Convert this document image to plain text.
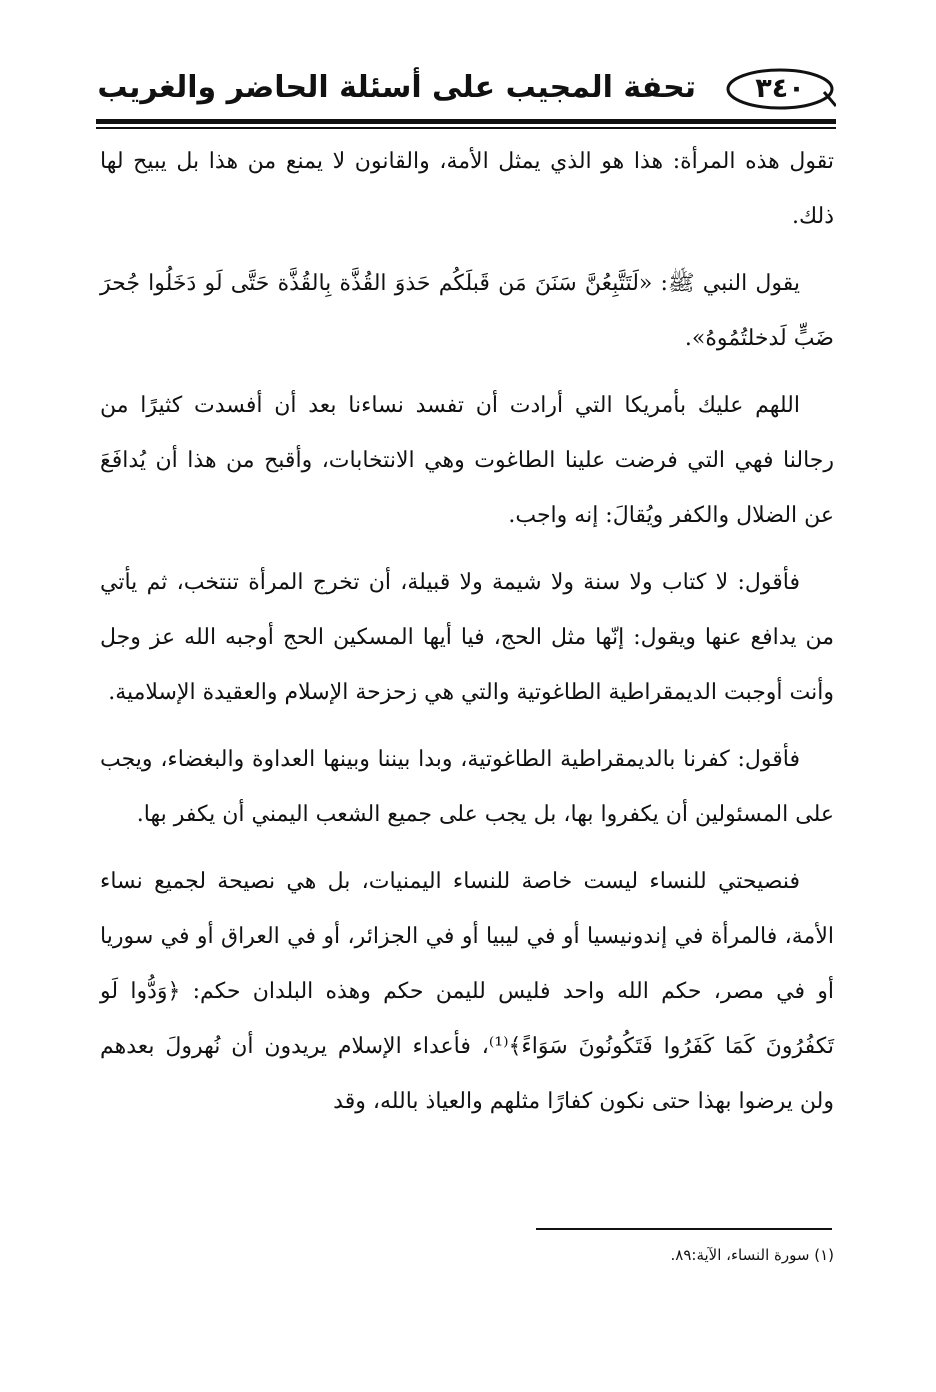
٣٤٠
تحفة المجيب على أسئلة الحاضر والغريب

تقول هذه المرأة: هذا هو الذي يمثل الأمة، والقانون لا يمنع من هذا بل يبيح لها ذلك.

يقول النبي ﷺ: «لَتَتَّبِعُنَّ سَنَنَ مَن قَبلَكُم حَذوَ القُذَّة بِالقُذَّة حَتَّى لَو دَخَلُوا جُحرَ ضَبٍّ لَدخلتُمُوهُ».

اللهم عليك بأمريكا التي أرادت أن تفسد نساءنا بعد أن أفسدت كثيرًا من رجالنا فهي التي فرضت علينا الطاغوت وهي الانتخابات، وأقبح من هذا أن يُدافَعَ عن الضلال والكفر ويُقالَ: إنه واجب.

فأقول: لا كتاب ولا سنة ولا شيمة ولا قبيلة، أن تخرج المرأة تنتخب، ثم يأتي من يدافع عنها ويقول: إنّها مثل الحج، فيا أيها المسكين الحج أوجبه الله عز وجل وأنت أوجبت الديمقراطية الطاغوتية والتي هي زحزحة الإسلام والعقيدة الإسلامية.

فأقول: كفرنا بالديمقراطية الطاغوتية، وبدا بيننا وبينها العداوة والبغضاء، ويجب على المسئولين أن يكفروا بها، بل يجب على جميع الشعب اليمني أن يكفر بها.

فنصيحتي للنساء ليست خاصة للنساء اليمنيات، بل هي نصيحة لجميع نساء الأمة، فالمرأة في إندونيسيا أو في ليبيا أو في الجزائر، أو في العراق أو في سوريا أو في مصر، حكم الله واحد فليس لليمن حكم وهذه البلدان حكم: ﴿وَدُّوا لَو تَكفُرُونَ كَمَا كَفَرُوا فَتَكُونُونَ سَوَاءً﴾⁽¹⁾، فأعداء الإسلام يريدون أن نُهرولَ بعدهم ولن يرضوا بهذا حتى نكون كفارًا مثلهم والعياذ بالله، وقد

(١) سورة النساء، الآية:٨٩.
